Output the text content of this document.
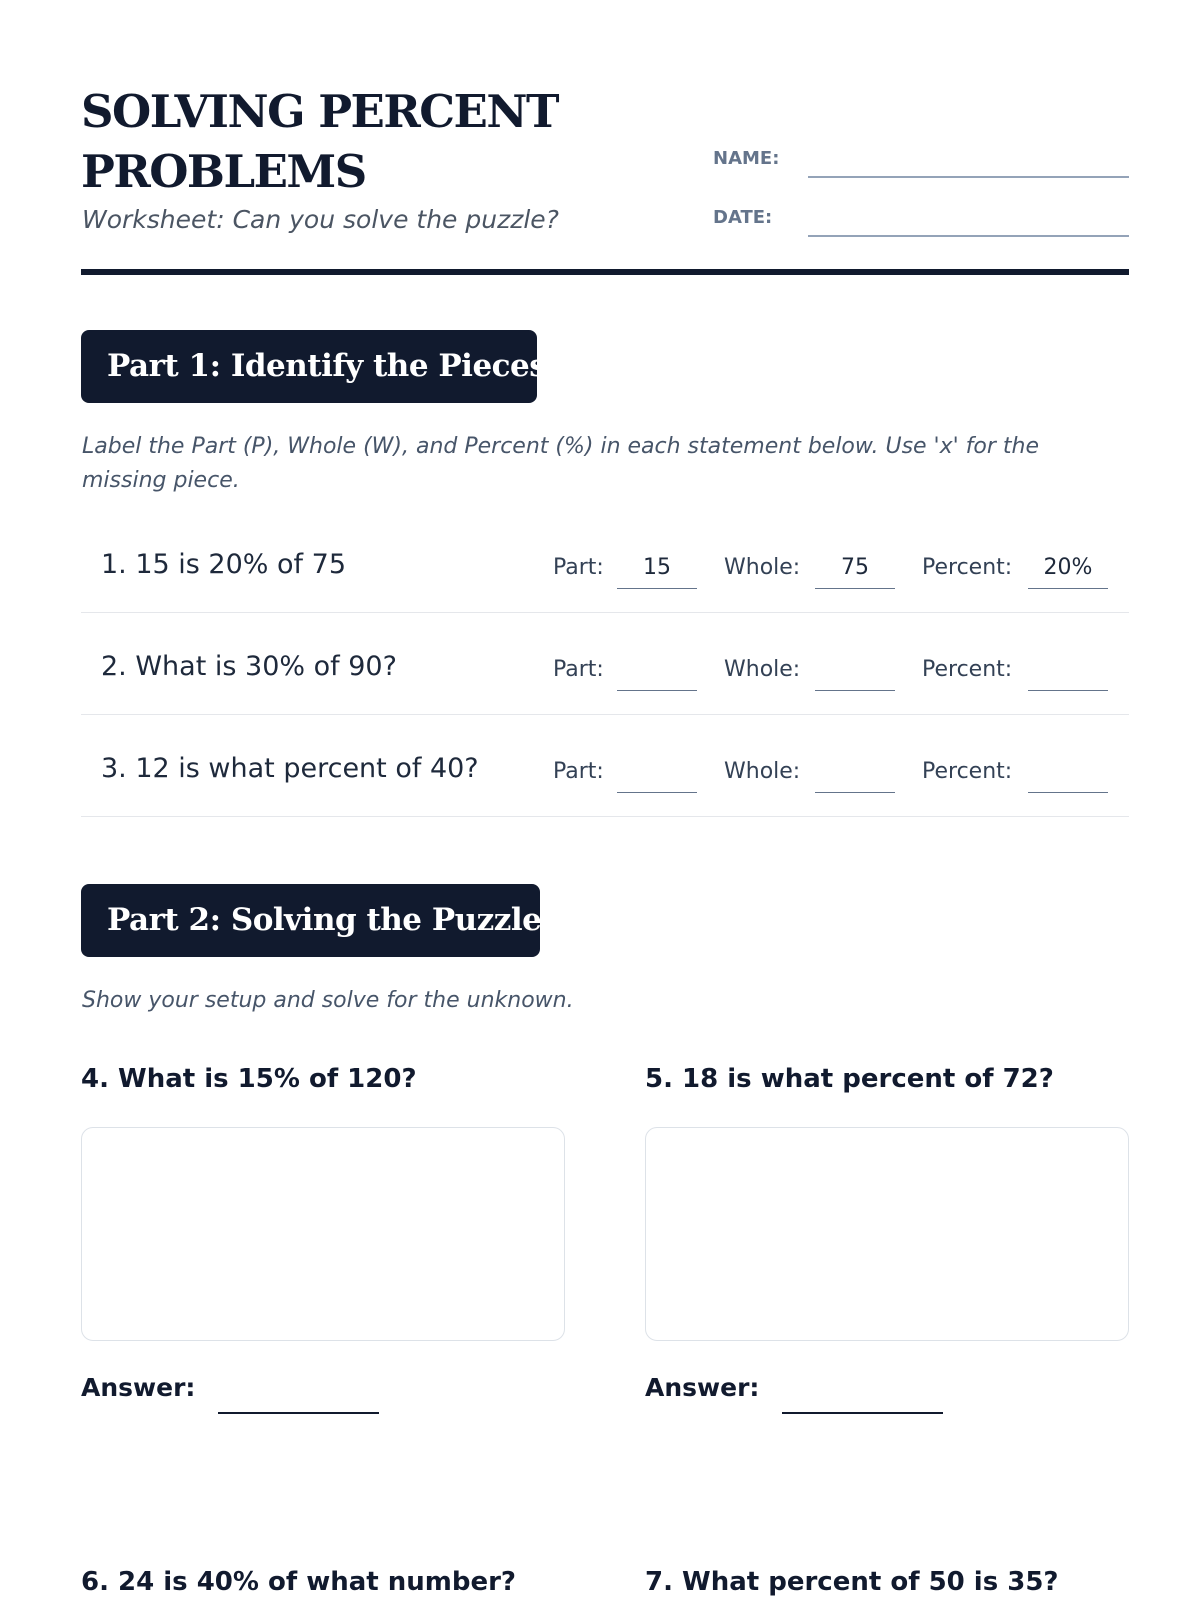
SOLVING PERCENT
PROBLEMS
Worksheet: Can you solve the puzzle?
NAME:
DATE:
Part 1: Identify the Pieces
Label the Part (P), Whole (W), and Percent (%) in each statement below. Use 'x' for the missing piece.
1. 15 is 20% of 75	Part:	15	Whole:	75	Percent:	20%
2. What is 30% of 90?	Part:	Whole:	Percent:
3. 12 is what percent of 40?	Part:	Whole:	Percent:
Part 2: Solving the Puzzle
Show your setup and solve for the unknown.
4. What is 15% of 120?
Answer:
5. 18 is what percent of 72?
Answer:
6. 24 is 40% of what number?	7. What percent of 50 is 35?
